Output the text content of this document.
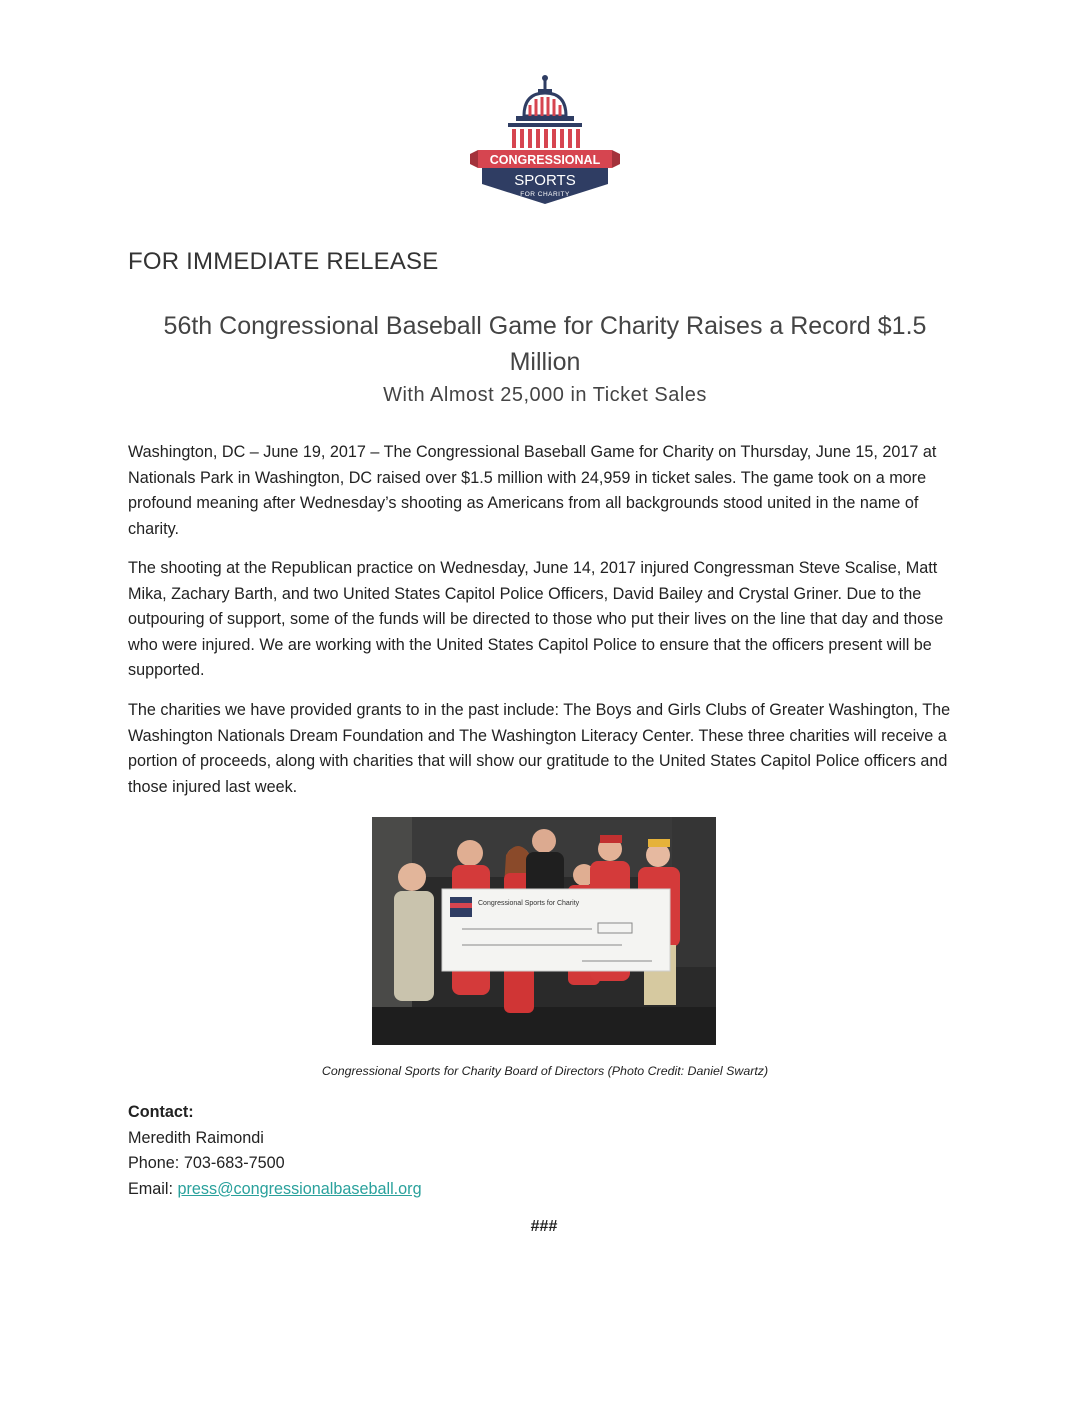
CONGRESSIONAL
SPORTS
FOR CHARITY
★
FOR IMMEDIATE RELEASE
56th Congressional Baseball Game for Charity Raises a Record $1.5 Million
With Almost 25,000 in Ticket Sales

Washington, DC – June 19, 2017 – The Congressional Baseball Game for Charity on Thursday, June 15, 2017 at Nationals Park in Washington, DC raised over $1.5 million with 24,959 in ticket sales. The game took on a more profound meaning after Wednesday’s shooting as Americans from all backgrounds stood united in the name of charity.

The shooting at the Republican practice on Wednesday, June 14, 2017 injured Congressman Steve Scalise, Matt Mika, Zachary Barth, and two United States Capitol Police Officers, David Bailey and Crystal Griner. Due to the outpouring of support, some of the funds will be directed to those who put their lives on the line that day and those who were injured. We are working with the United States Capitol Police to ensure that the officers present will be supported.

The charities we have provided grants to in the past include: The Boys and Girls Clubs of Greater Washington, The Washington Nationals Dream Foundation and The Washington Literacy Center. These three charities will receive a portion of proceeds, along with charities that will show our gratitude to the United States Capitol Police officers and those injured last week.

Congressional Sports for Charity
Congressional Sports for Charity Board of Directors (Photo Credit: Daniel Swartz)
Contact:
Meredith Raimondi
Phone: 703-683-7500
Email: press@congressionalbaseball.org
###
